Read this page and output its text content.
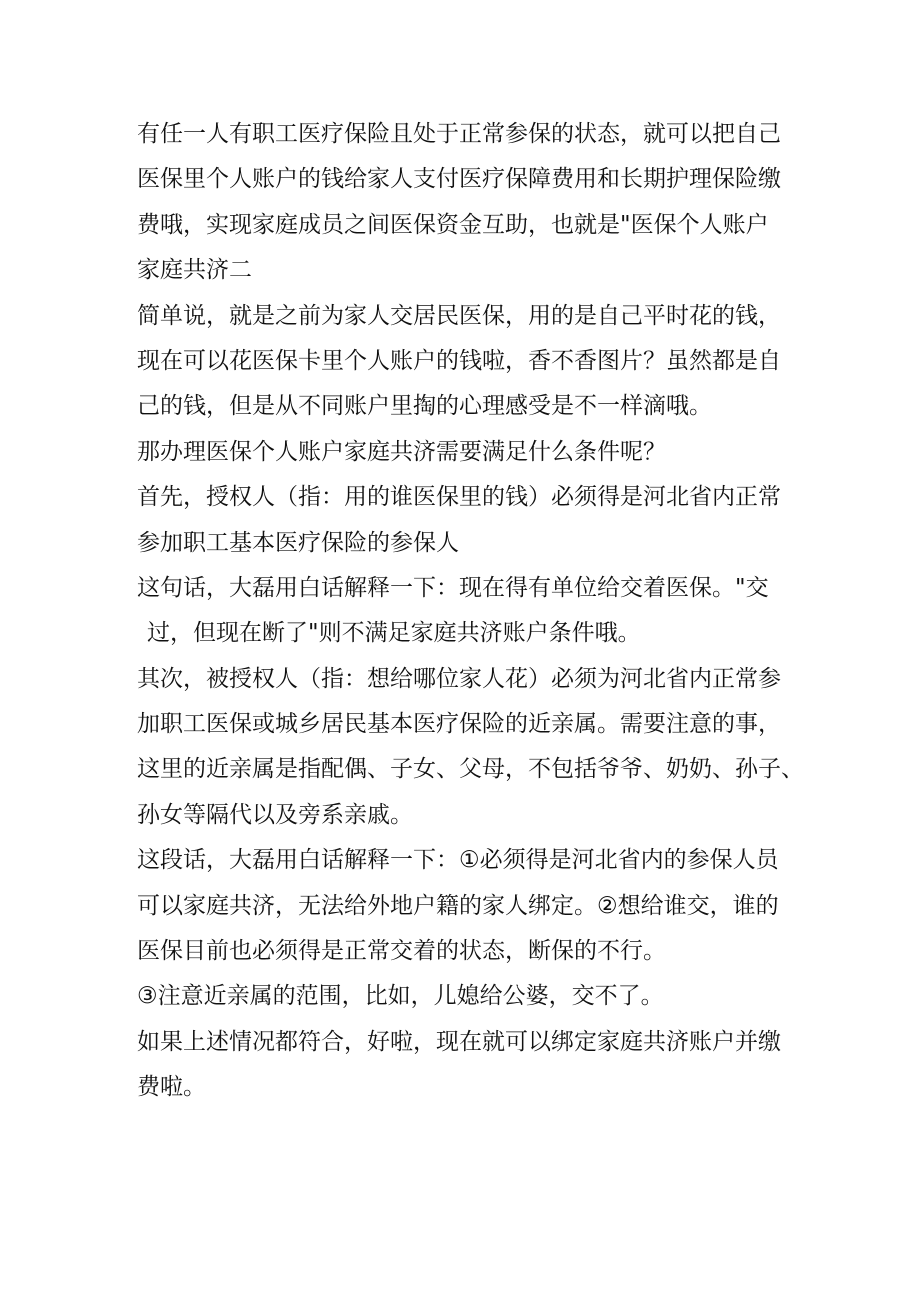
有任一人有职工医疗保险且处于正常参保的状态，就可以把自己
医保里个人账户的钱给家人支付医疗保障费用和长期护理保险缴
费哦，实现家庭成员之间医保资金互助，也就是"医保个人账户
家庭共济二
简单说，就是之前为家人交居民医保，用的是自己平时花的钱，
现在可以花医保卡里个人账户的钱啦，香不香图片？虽然都是自
己的钱，但是从不同账户里掏的心理感受是不一样滴哦。
那办理医保个人账户家庭共济需要满足什么条件呢？
首先，授权人（指：用的谁医保里的钱）必须得是河北省内正常
参加职工基本医疗保险的参保人
这句话，大磊用白话解释一下：现在得有单位给交着医保。"交
过，但现在断了"则不满足家庭共济账户条件哦。
其次，被授权人（指：想给哪位家人花）必须为河北省内正常参
加职工医保或城乡居民基本医疗保险的近亲属。需要注意的事，
这里的近亲属是指配偶、子女、父母，不包括爷爷、奶奶、孙子、
孙女等隔代以及旁系亲戚。
这段话，大磊用白话解释一下：①必须得是河北省内的参保人员
可以家庭共济，无法给外地户籍的家人绑定。②想给谁交，谁的
医保目前也必须得是正常交着的状态，断保的不行。
③注意近亲属的范围，比如，儿媳给公婆，交不了。
如果上述情况都符合，好啦，现在就可以绑定家庭共济账户并缴
费啦。
